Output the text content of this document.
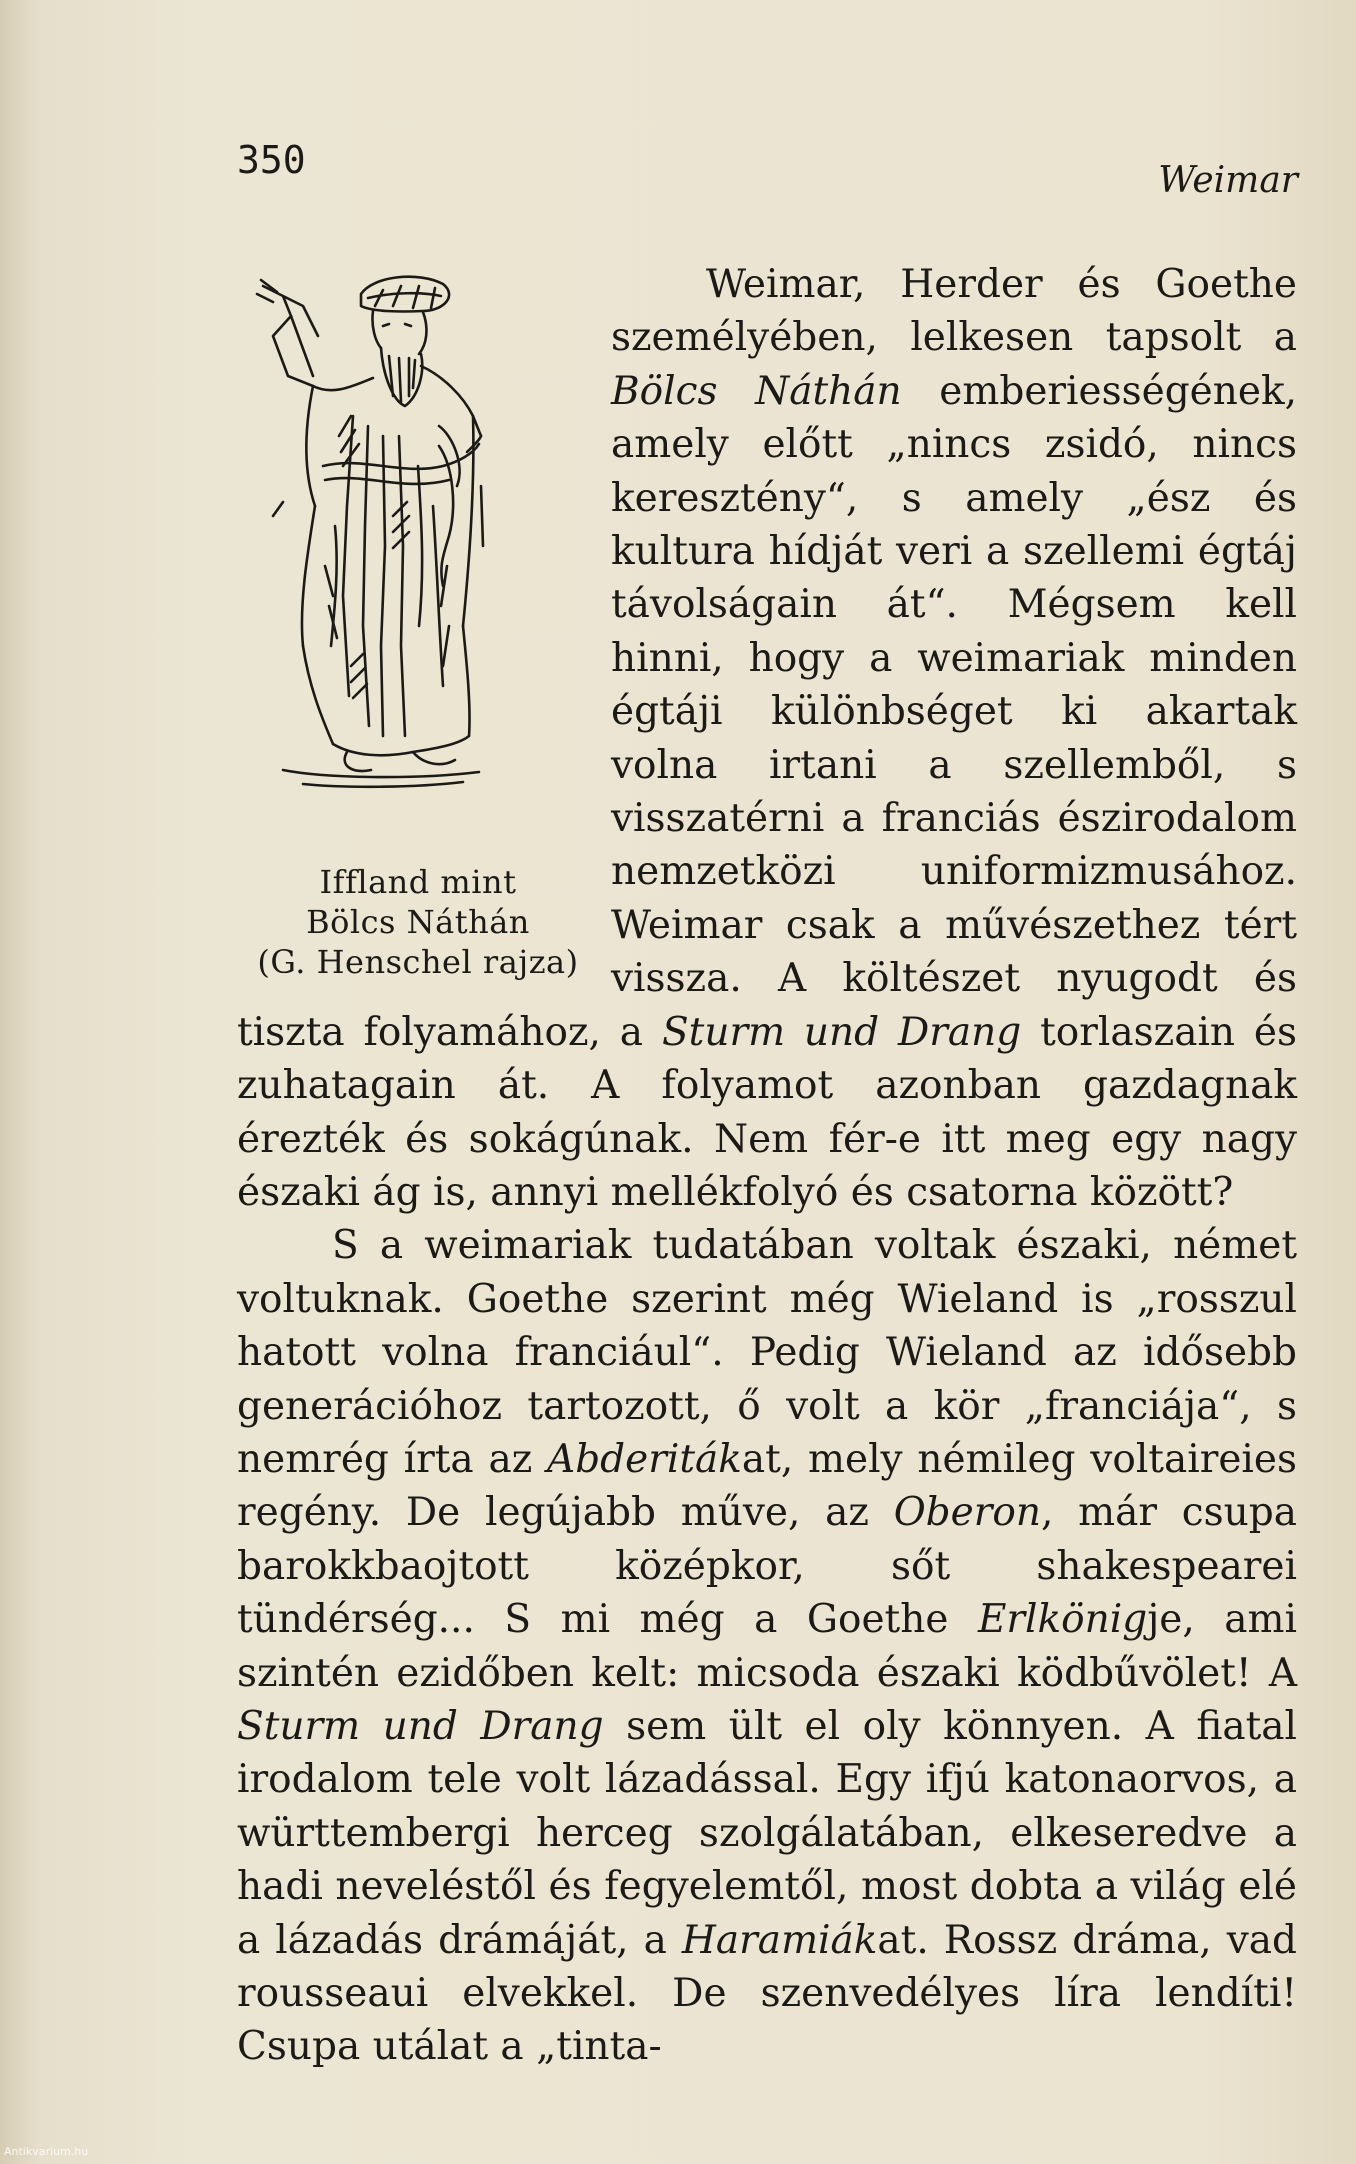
350	Weimar
Iffland mint
Bölcs Náthán
(G. Henschel rajza)

Weimar, Herder és Goethe személyében, lelkesen tapsolt a Bölcs Náthán emberiességének, amely előtt „nincs zsidó, nincs keresztény“, s amely „ész és kultura hídját veri a szellemi égtáj távolságain át“. Mégsem kell hinni, hogy a weimariak minden égtáji különbséget ki akartak volna irtani a szellemből, s visszatérni a franciás észirodalom nemzetközi uniformizmusához. Weimar csak a művészethez tért vissza. A költészet nyugodt és tiszta folyamához, a Sturm und Drang torlaszain és zuhatagain át. A folyamot azonban gazdagnak érezték és sokágúnak. Nem fér-e itt meg egy nagy északi ág is, annyi mellékfolyó és csatorna között?

S a weimariak tudatában voltak északi, német voltuknak. Goethe szerint még Wieland is „rosszul hatott volna franciául“. Pedig Wieland az idősebb generációhoz tartozott, ő volt a kör „franciája“, s nemrég írta az Abderitákat, mely némileg voltaireies regény. De legújabb műve, az Oberon, már csupa barokkbaojtott középkor, sőt shakespearei tündérség... S mi még a Goethe Erlkönigje, ami szintén ezidőben kelt: micsoda északi ködbűvölet! A Sturm und Drang sem ült el oly könnyen. A fiatal irodalom tele volt lázadással. Egy ifjú katonaorvos, a württembergi herceg szolgálatában, elkeseredve a hadi neveléstől és fegyelemtől, most dobta a világ elé a lázadás drámáját, a Haramiákat. Rossz dráma, vad rousseaui elvekkel. De szenvedélyes líra lendíti! Csupa utálat a „tinta-

Antikvarium.hu
